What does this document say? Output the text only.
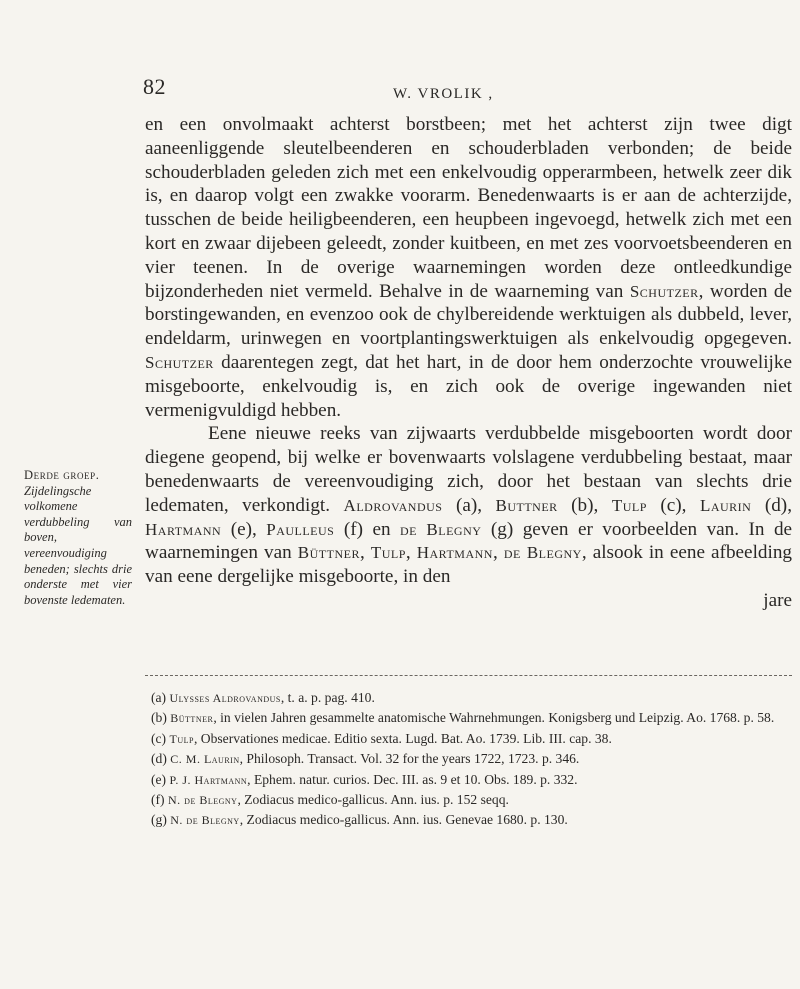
82	W. VROLIK ,
Derde groep.
Zijdelingsche volkomene verdubbeling van boven, vereenvoudiging beneden; slechts drie onderste met vier bovenste ledematen.

en een onvolmaakt achterst borstbeen; met het achterst zijn twee digt aaneenliggende sleutelbeenderen en schouderbladen verbonden; de beide schouderbladen geleden zich met een enkelvoudig opperarmbeen, hetwelk zeer dik is, en daarop volgt een zwakke voorarm. Benedenwaarts is er aan de achterzijde, tusschen de beide heiligbeenderen, een heupbeen ingevoegd, hetwelk zich met een kort en zwaar dijebeen geleedt, zonder kuitbeen, en met zes voorvoetsbeenderen en vier teenen. In de overige waarnemingen worden deze ontleedkundige bijzonderheden niet vermeld. Behalve in de waarneming van Schutzer, worden de borstingewanden, en evenzoo ook de chylbereidende werktuigen als dubbeld, lever, endeldarm, urinwegen en voortplantingswerktuigen als enkelvoudig opgegeven. Schutzer daarentegen zegt, dat het hart, in de door hem onderzochte vrouwelijke misgeboorte, enkelvoudig is, en zich ook de overige ingewanden niet vermenigvuldigd hebben.

Eene nieuwe reeks van zijwaarts verdubbelde misgeboorten wordt door diegene geopend, bij welke er bovenwaarts volslagene verdubbeling bestaat, maar benedenwaarts de vereenvoudiging zich, door het bestaan van slechts drie ledematen, verkondigt. Aldrovandus (a), Buttner (b), Tulp (c), Laurin (d), Hartmann (e), Paulleus (f) en de Blegny (g) geven er voorbeelden van. In de waarnemingen van Büttner, Tulp, Hartmann, de Blegny, alsook in eene afbeelding van eene dergelijke misgeboorte, in den
jare

(a) Ulysses Aldrovandus, t. a. p. pag. 410.

(b) Büttner, in vielen Jahren gesammelte anatomische Wahrnehmungen. Konigsberg und Leipzig. Ao. 1768. p. 58.

(c) Tulp, Observationes medicae. Editio sexta. Lugd. Bat. Ao. 1739. Lib. III. cap. 38.

(d) C. M. Laurin, Philosoph. Transact. Vol. 32 for the years 1722, 1723. p. 346.

(e) P. J. Hartmann, Ephem. natur. curios. Dec. III. as. 9 et 10. Obs. 189. p. 332.

(f) N. de Blegny, Zodiacus medico-gallicus. Ann. ius. p. 152 seqq.

(g) N. de Blegny, Zodiacus medico-gallicus. Ann. ius. Genevae 1680. p. 130.
